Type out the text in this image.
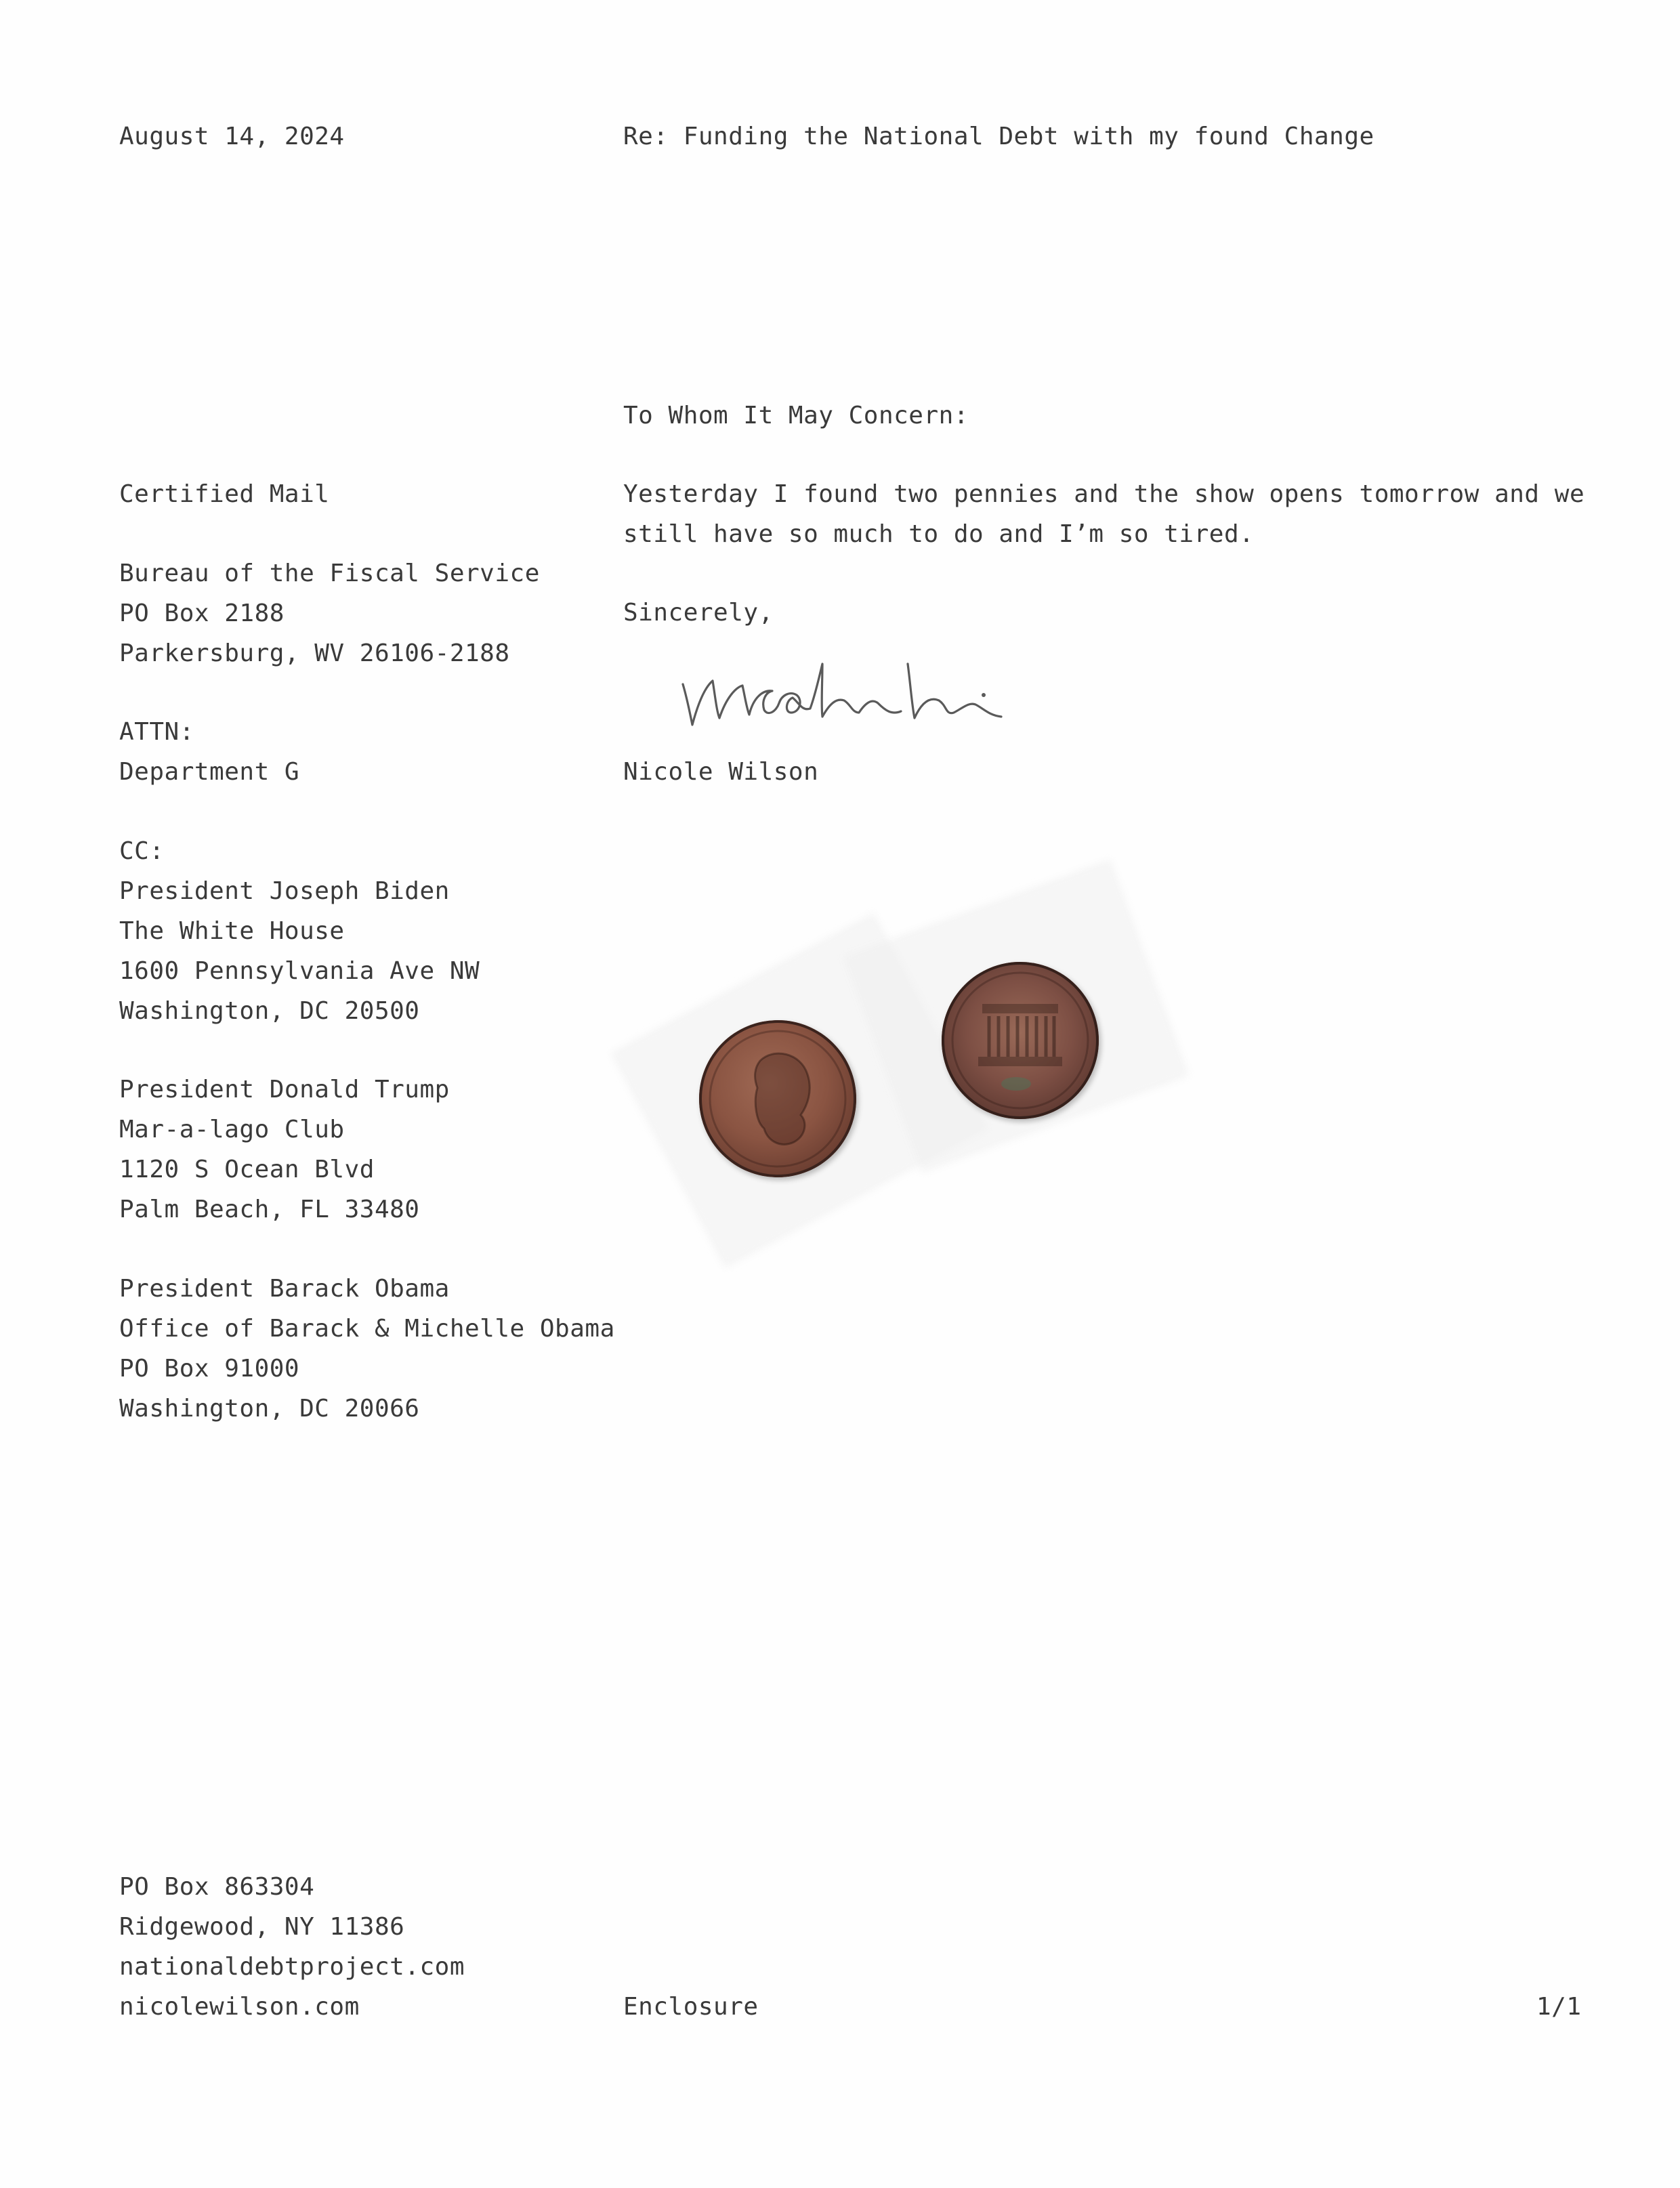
August 14, 2024	Re: Funding the National Debt with my found Change
To Whom It May Concern:
Certified Mail
Bureau of the Fiscal Service
PO Box 2188
Parkersburg, WV 26106-2188
ATTN:
Department G
CC:
President Joseph Biden
The White House
1600 Pennsylvania Ave NW
Washington, DC 20500
President Donald Trump
Mar-a-lago Club
1120 S Ocean Blvd
Palm Beach, FL 33480
President Barack Obama
Office of Barack & Michelle Obama
PO Box 91000
Washington, DC 20066
Yesterday I found two pennies and the show opens tomorrow and we
still have so much to do and I’m so tired.
Sincerely,
Nicole Wilson
PO Box 863304
Ridgewood, NY 11386
nationaldebtproject.com
nicolewilson.com	Enclosure	1/1
